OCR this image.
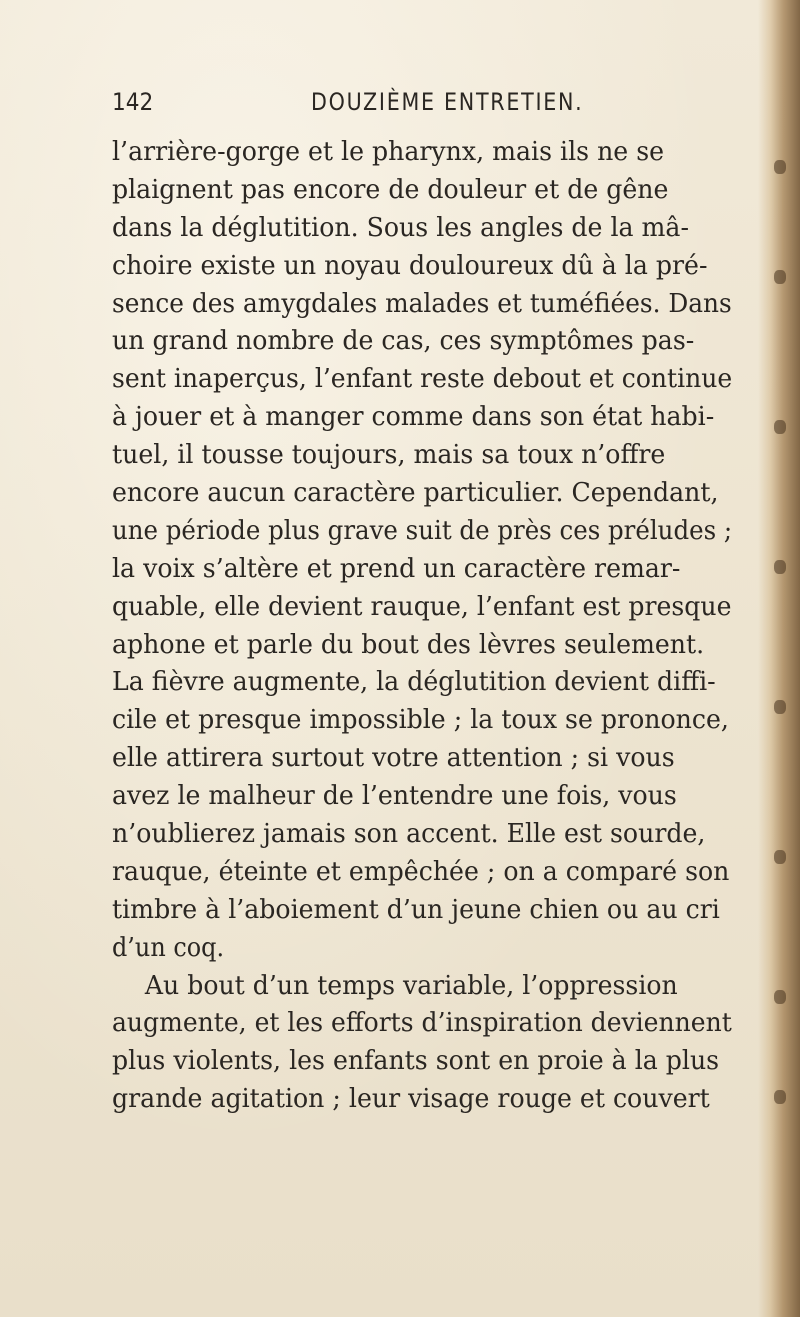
142	DOUZIÈME ENTRETIEN.
l’arrière-gorge et le pharynx, mais ils ne se
plaignent pas encore de douleur et de gêne
dans la déglutition. Sous les angles de la mâ-
choire existe un noyau douloureux dû à la pré-
sence des amygdales malades et tuméfiées. Dans
un grand nombre de cas, ces symptômes pas-
sent inaperçus, l’enfant reste debout et continue
à jouer et à manger comme dans son état habi-
tuel, il tousse toujours, mais sa toux n’offre
encore aucun caractère particulier. Cependant,
une période plus grave suit de près ces préludes ;
la voix s’altère et prend un caractère remar-
quable, elle devient rauque, l’enfant est presque
aphone et parle du bout des lèvres seulement.
La fièvre augmente, la déglutition devient diffi-
cile et presque impossible ; la toux se prononce,
elle attirera surtout votre attention ; si vous
avez le malheur de l’entendre une fois, vous
n’oublierez jamais son accent. Elle est sourde,
rauque, éteinte et empêchée ; on a comparé son
timbre à l’aboiement d’un jeune chien ou au cri
d’un coq.
Au bout d’un temps variable, l’oppression
augmente, et les efforts d’inspiration deviennent
plus violents, les enfants sont en proie à la plus
grande agitation ; leur visage rouge et couvert
